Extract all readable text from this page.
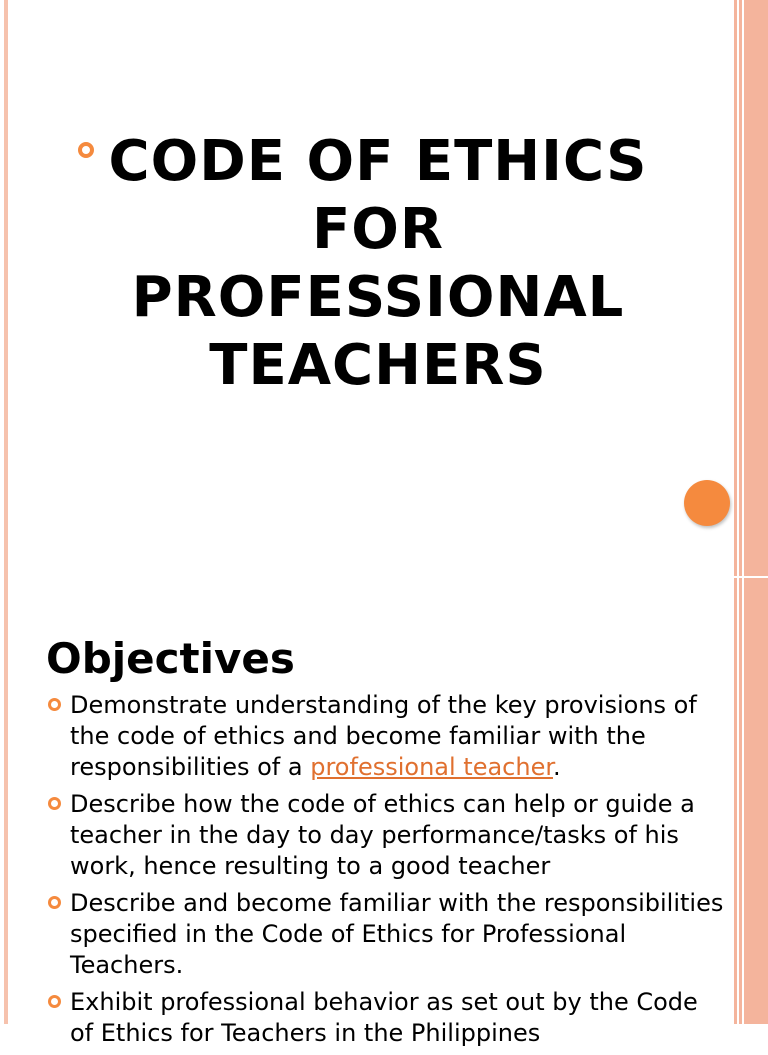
CODE OF ETHICS
FOR
PROFESSIONAL
TEACHERS
Objectives
Demonstrate understanding of the key provisions of the code of ethics and become familiar with the responsibilities of a professional teacher.
Describe how the code of ethics can help or guide a teacher in the day to day performance/tasks of his work, hence resulting to a good teacher
Describe and become familiar with the responsibilities specified in the Code of Ethics for Professional Teachers.
Exhibit professional behavior as set out by the Code of Ethics for Teachers in the Philippines
